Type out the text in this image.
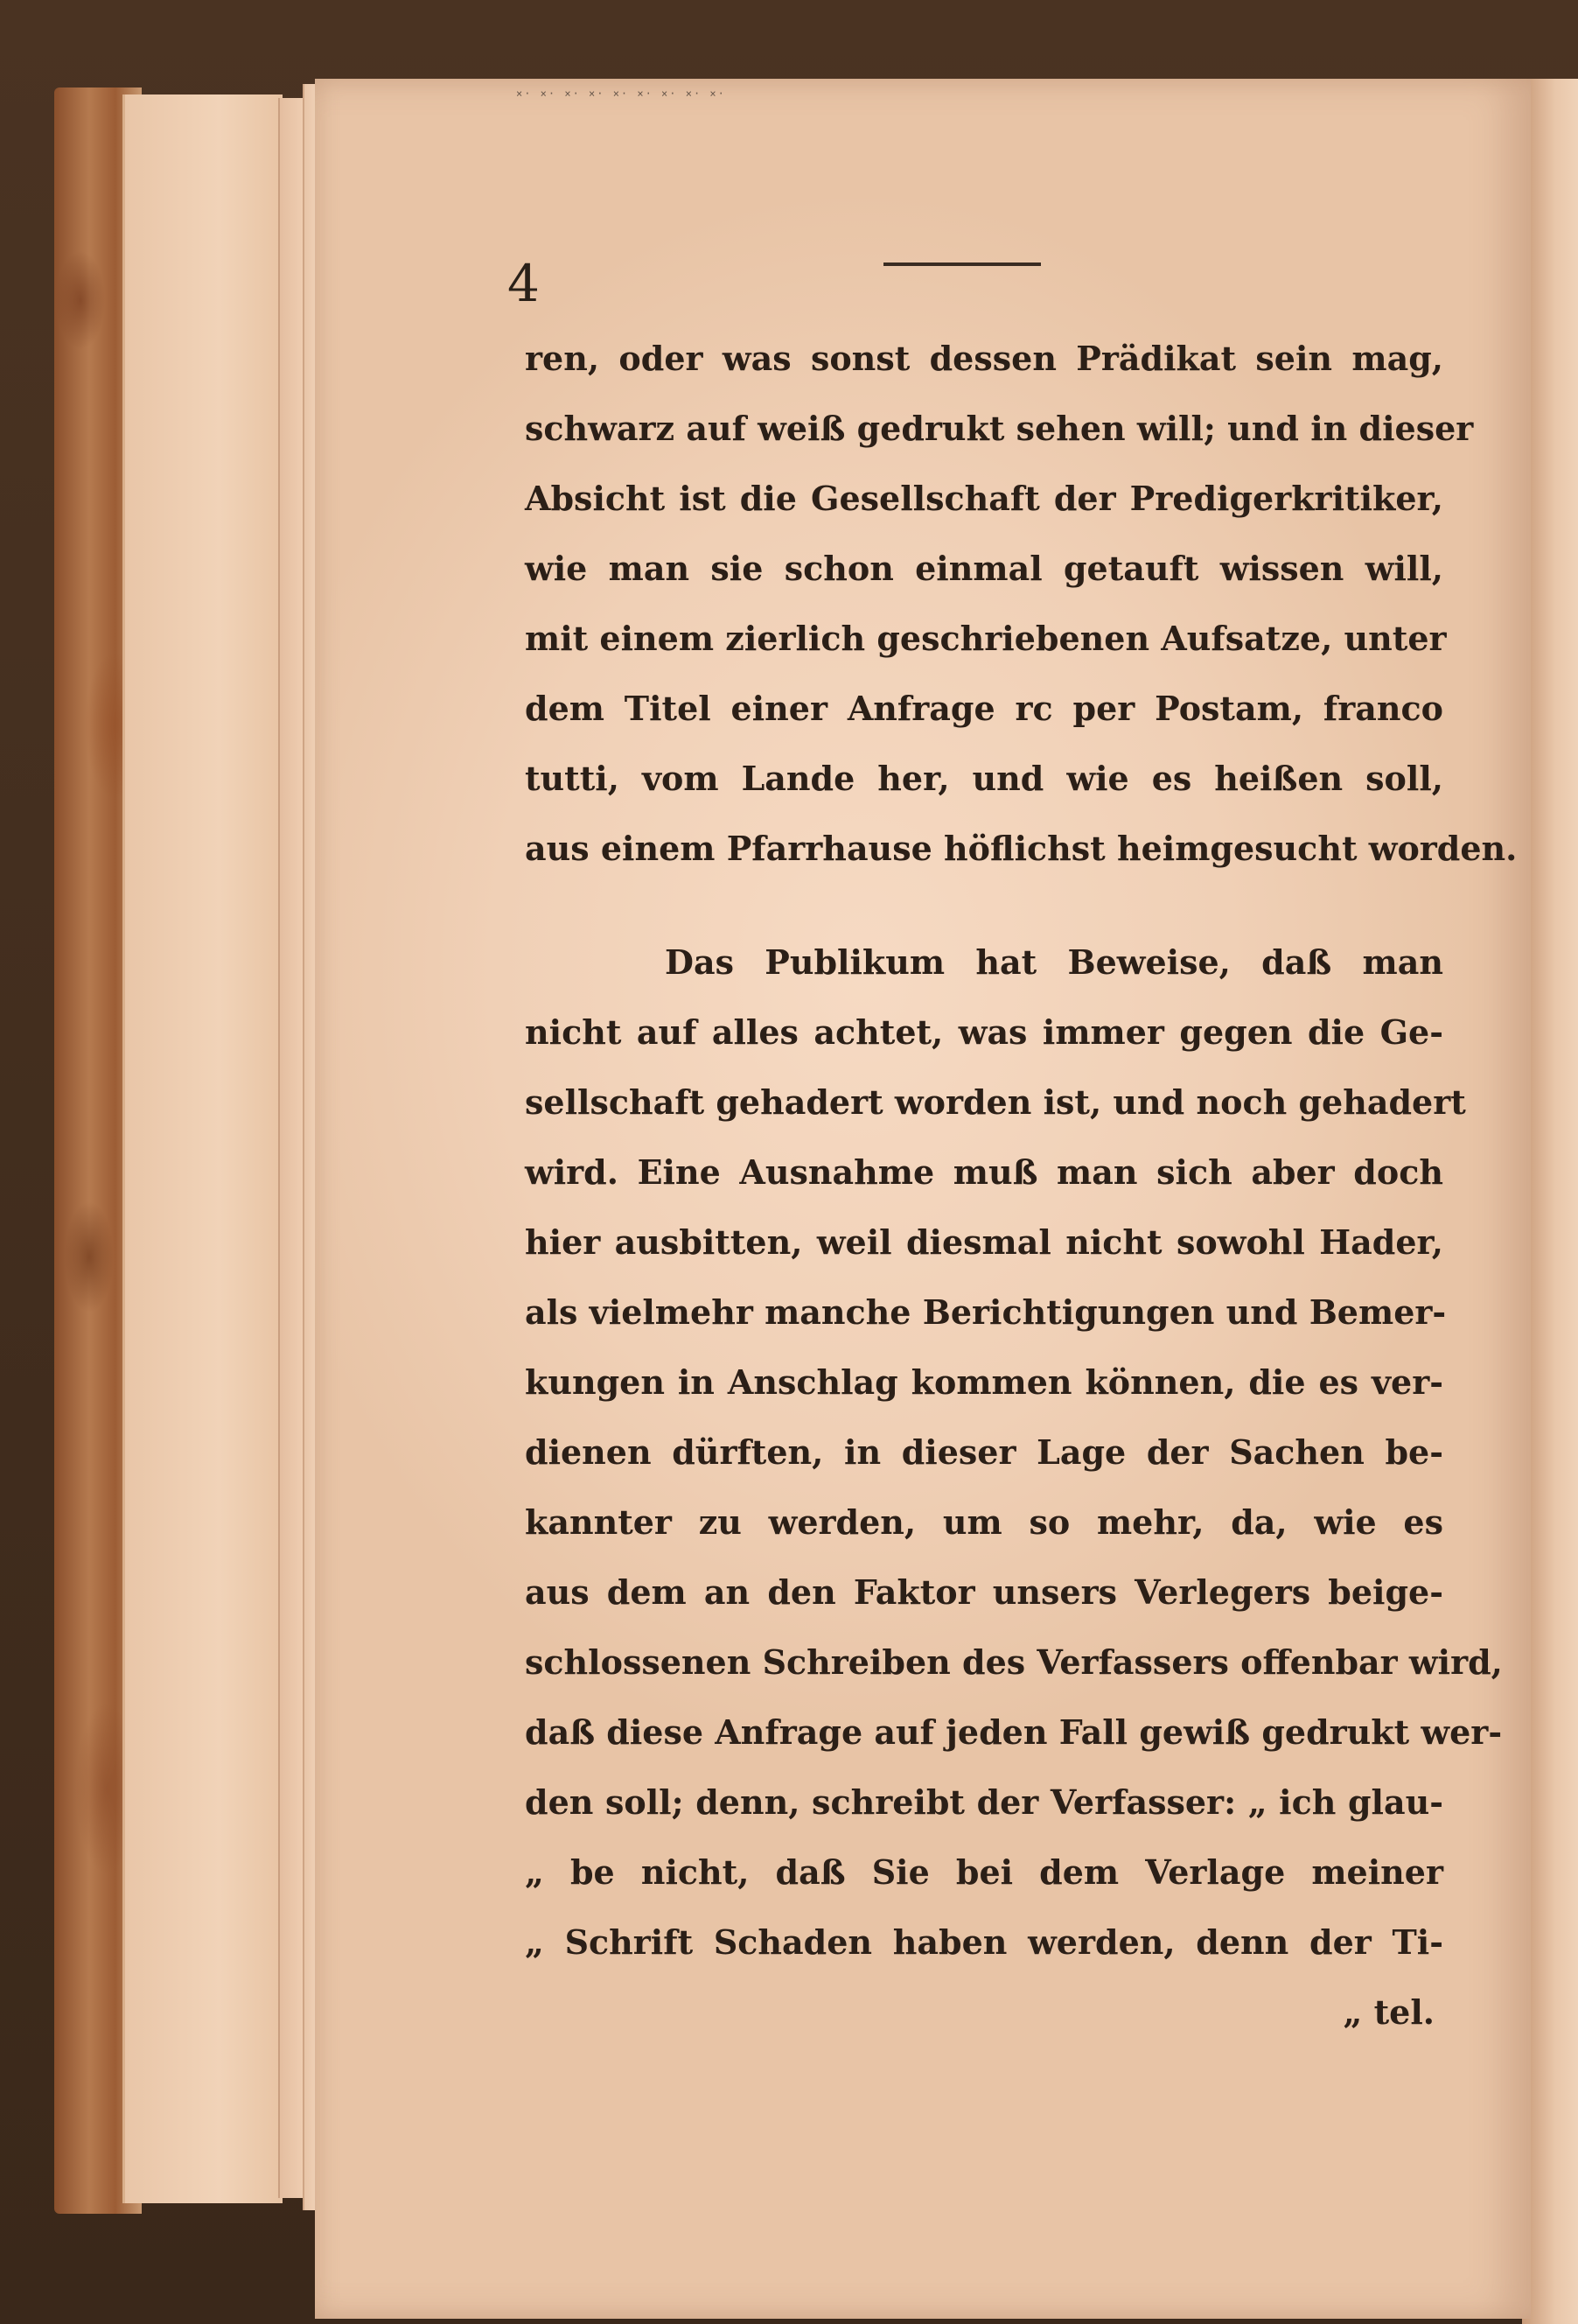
×· ×· ×· ×· ×· ×· ×· ×· ×·
4
ren, oder was sonst dessen Prädikat sein mag,
schwarz auf weiß gedrukt sehen will; und in dieser
Absicht ist die Gesellschaft der Predigerkritiker,
wie man sie schon einmal getauft wissen will,
mit einem zierlich geschriebenen Aufsatze, unter
dem Titel einer Anfrage rc per Postam, franco
tutti, vom Lande her, und wie es heißen soll,
aus einem Pfarrhause höflichst heimgesucht worden.
Das Publikum hat Beweise, daß man
nicht auf alles achtet, was immer gegen die Ge-
sellschaft gehadert worden ist, und noch gehadert
wird. Eine Ausnahme muß man sich aber doch
hier ausbitten, weil diesmal nicht sowohl Hader,
als vielmehr manche Berichtigungen und Bemer-
kungen in Anschlag kommen können, die es ver-
dienen dürften, in dieser Lage der Sachen be-
kannter zu werden, um so mehr, da, wie es
aus dem an den Faktor unsers Verlegers beige-
schlossenen Schreiben des Verfassers offenbar wird,
daß diese Anfrage auf jeden Fall gewiß gedrukt wer-
den soll; denn, schreibt der Verfasser: „ ich glau-
„ be nicht, daß Sie bei dem Verlage meiner
„ Schrift Schaden haben werden, denn der Ti-
„ tel.
